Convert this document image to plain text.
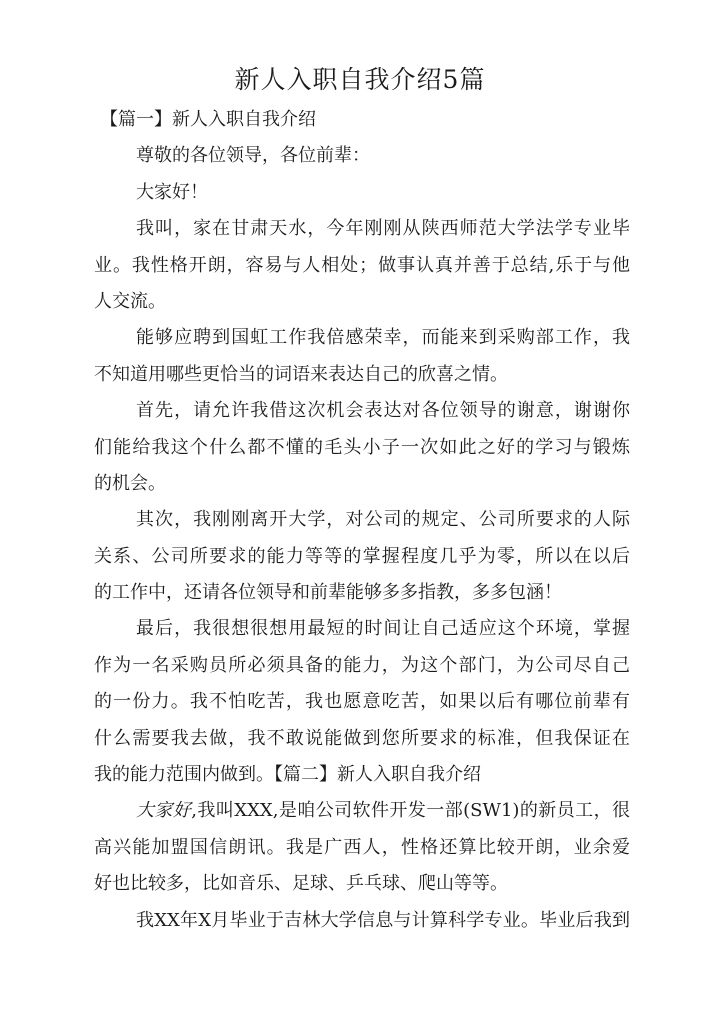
新人入职自我介绍5篇
【篇一】新人入职自我介绍
尊敬的各位领导，各位前辈：
大家好！
我叫，家在甘肃天水，今年刚刚从陕西师范大学法学专业毕
业。我性格开朗，容易与人相处；做事认真并善于总结,乐于与他
人交流。
能够应聘到国虹工作我倍感荣幸，而能来到采购部工作，我
不知道用哪些更恰当的词语来表达自己的欣喜之情。
首先，请允许我借这次机会表达对各位领导的谢意，谢谢你
们能给我这个什么都不懂的毛头小子一次如此之好的学习与锻炼
的机会。
其次，我刚刚离开大学，对公司的规定、公司所要求的人际
关系、公司所要求的能力等等的掌握程度几乎为零，所以在以后
的工作中，还请各位领导和前辈能够多多指教，多多包涵！
最后，我很想很想用最短的时间让自己适应这个环境，掌握
作为一名采购员所必须具备的能力，为这个部门，为公司尽自己
的一份力。我不怕吃苦，我也愿意吃苦，如果以后有哪位前辈有
什么需要我去做，我不敢说能做到您所要求的标准，但我保证在
我的能力范围内做到。【篇二】新人入职自我介绍
大家好,我叫XXX,是咱公司软件开发一部(SW1)的新员工，很
高兴能加盟国信朗讯。我是广西人，性格还算比较开朗，业余爱
好也比较多，比如音乐、足球、乒乓球、爬山等等。
我XX年X月毕业于吉林大学信息与计算科学专业。毕业后我到
